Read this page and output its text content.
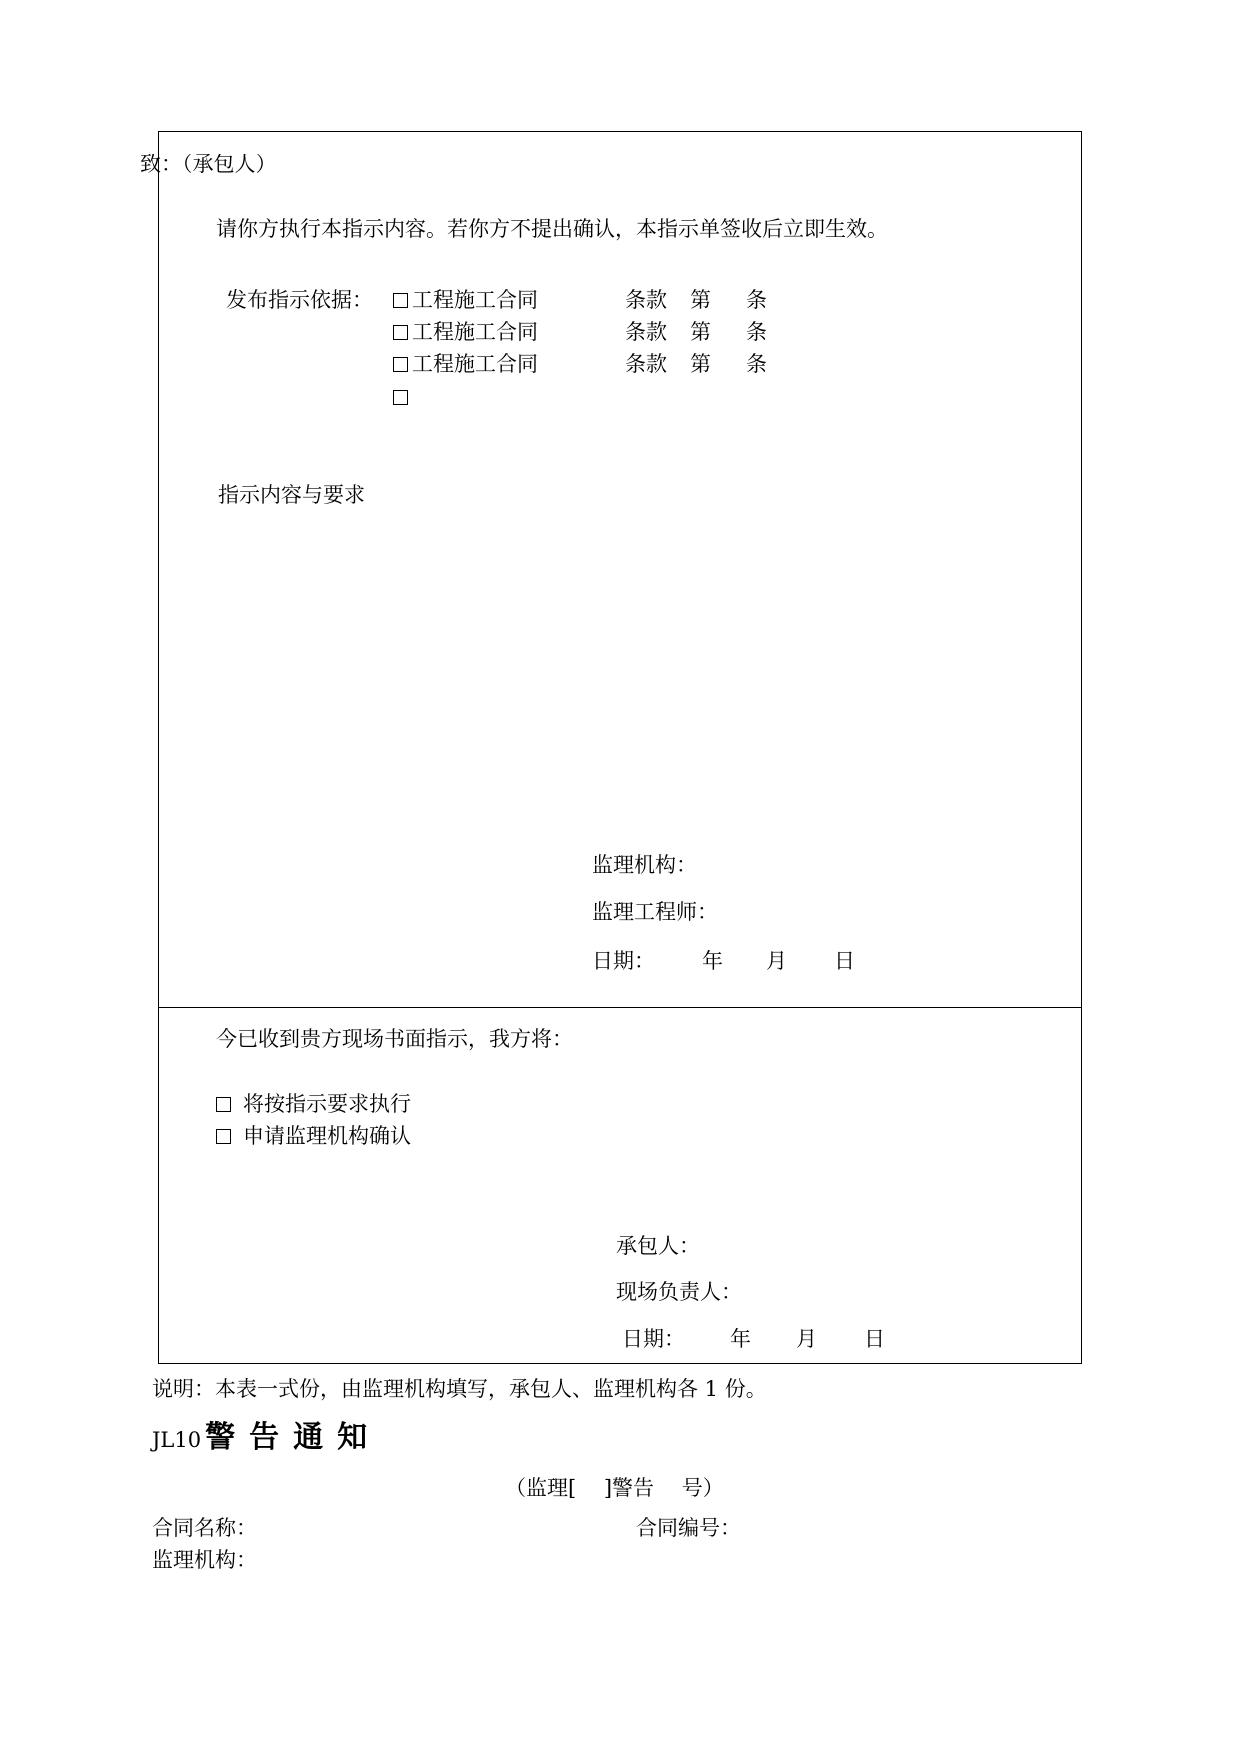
致：（承包人）
请你方执行本指示内容。若你方不提出确认，本指示单签收后立即生效。
发布指示依据：	工程施工合同	条款 第 条
工程施工合同	条款 第 条
工程施工合同	条款 第 条
指示内容与要求
监理机构：
监理工程师：
日期： 年 月 日
今已收到贵方现场书面指示，我方将：
将按指示要求执行
申请监理机构确认
承包人：
现场负责人：
日期： 年 月 日
说明：本表一式份，由监理机构填写，承包人、监理机构各 1 份。
JL10 警告通知
（监理[　 ]警告　 号）
合同名称：	合同编号：
监理机构：
